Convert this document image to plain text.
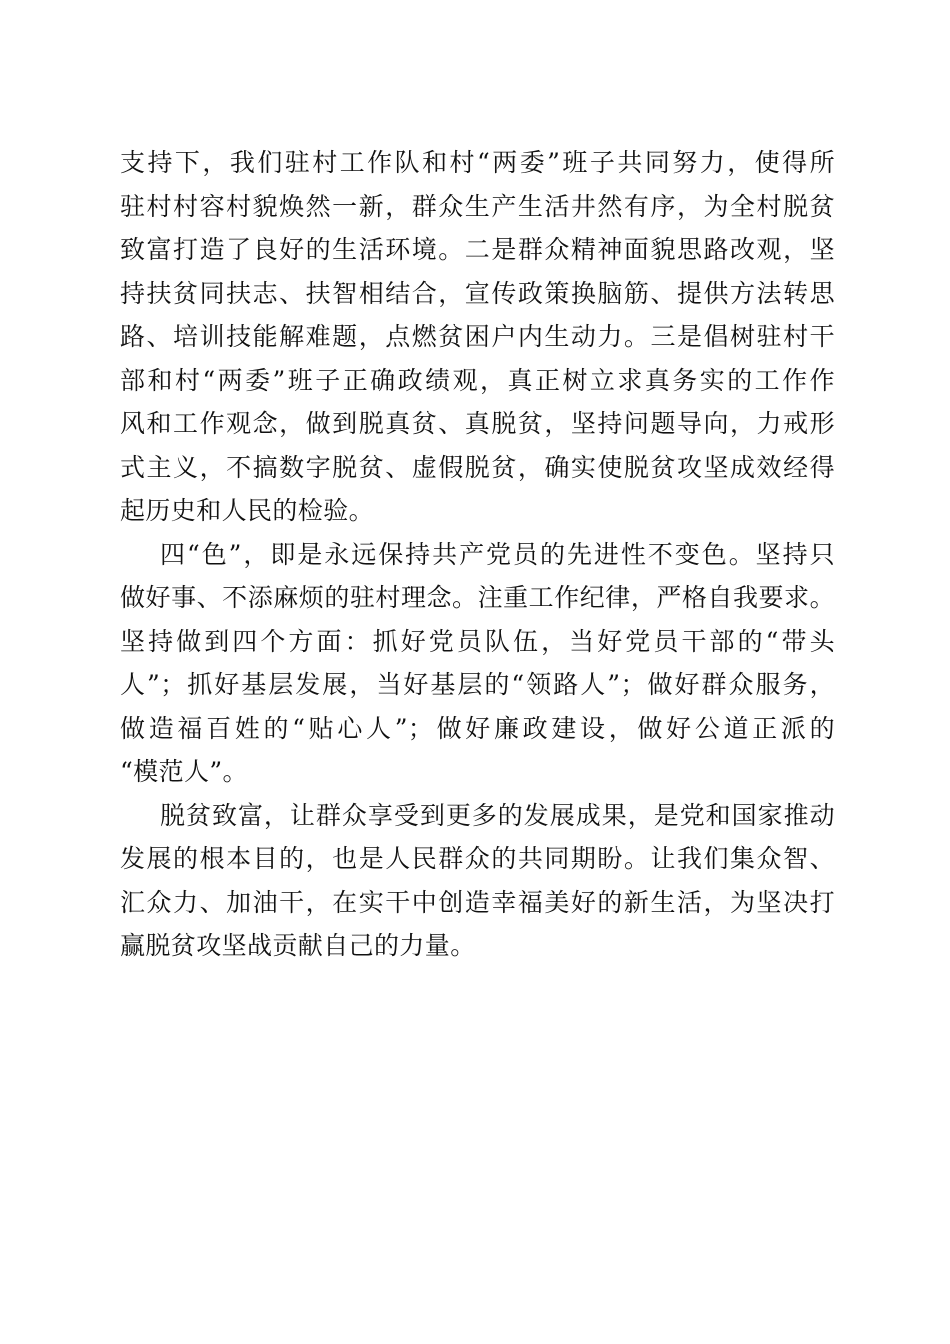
支持下，我们驻村工作队和村“两委”班子共同努力，使得所
驻村村容村貌焕然一新，群众生产生活井然有序，为全村脱贫
致富打造了良好的生活环境。二是群众精神面貌思路改观，坚
持扶贫同扶志、扶智相结合，宣传政策换脑筋、提供方法转思
路、培训技能解难题，点燃贫困户内生动力。三是倡树驻村干
部和村“两委”班子正确政绩观，真正树立求真务实的工作作
风和工作观念，做到脱真贫、真脱贫，坚持问题导向，力戒形
式主义，不搞数字脱贫、虚假脱贫，确实使脱贫攻坚成效经得
起历史和人民的检验。
四“色”，即是永远保持共产党员的先进性不变色。坚持只
做好事、不添麻烦的驻村理念。注重工作纪律，严格自我要求。
坚持做到四个方面：抓好党员队伍，当好党员干部的“带头
人”；抓好基层发展，当好基层的“领路人”；做好群众服务，
做造福百姓的“贴心人”；做好廉政建设，做好公道正派的
“模范人”。
脱贫致富，让群众享受到更多的发展成果，是党和国家推动
发展的根本目的，也是人民群众的共同期盼。让我们集众智、
汇众力、加油干，在实干中创造幸福美好的新生活，为坚决打
赢脱贫攻坚战贡献自己的力量。
